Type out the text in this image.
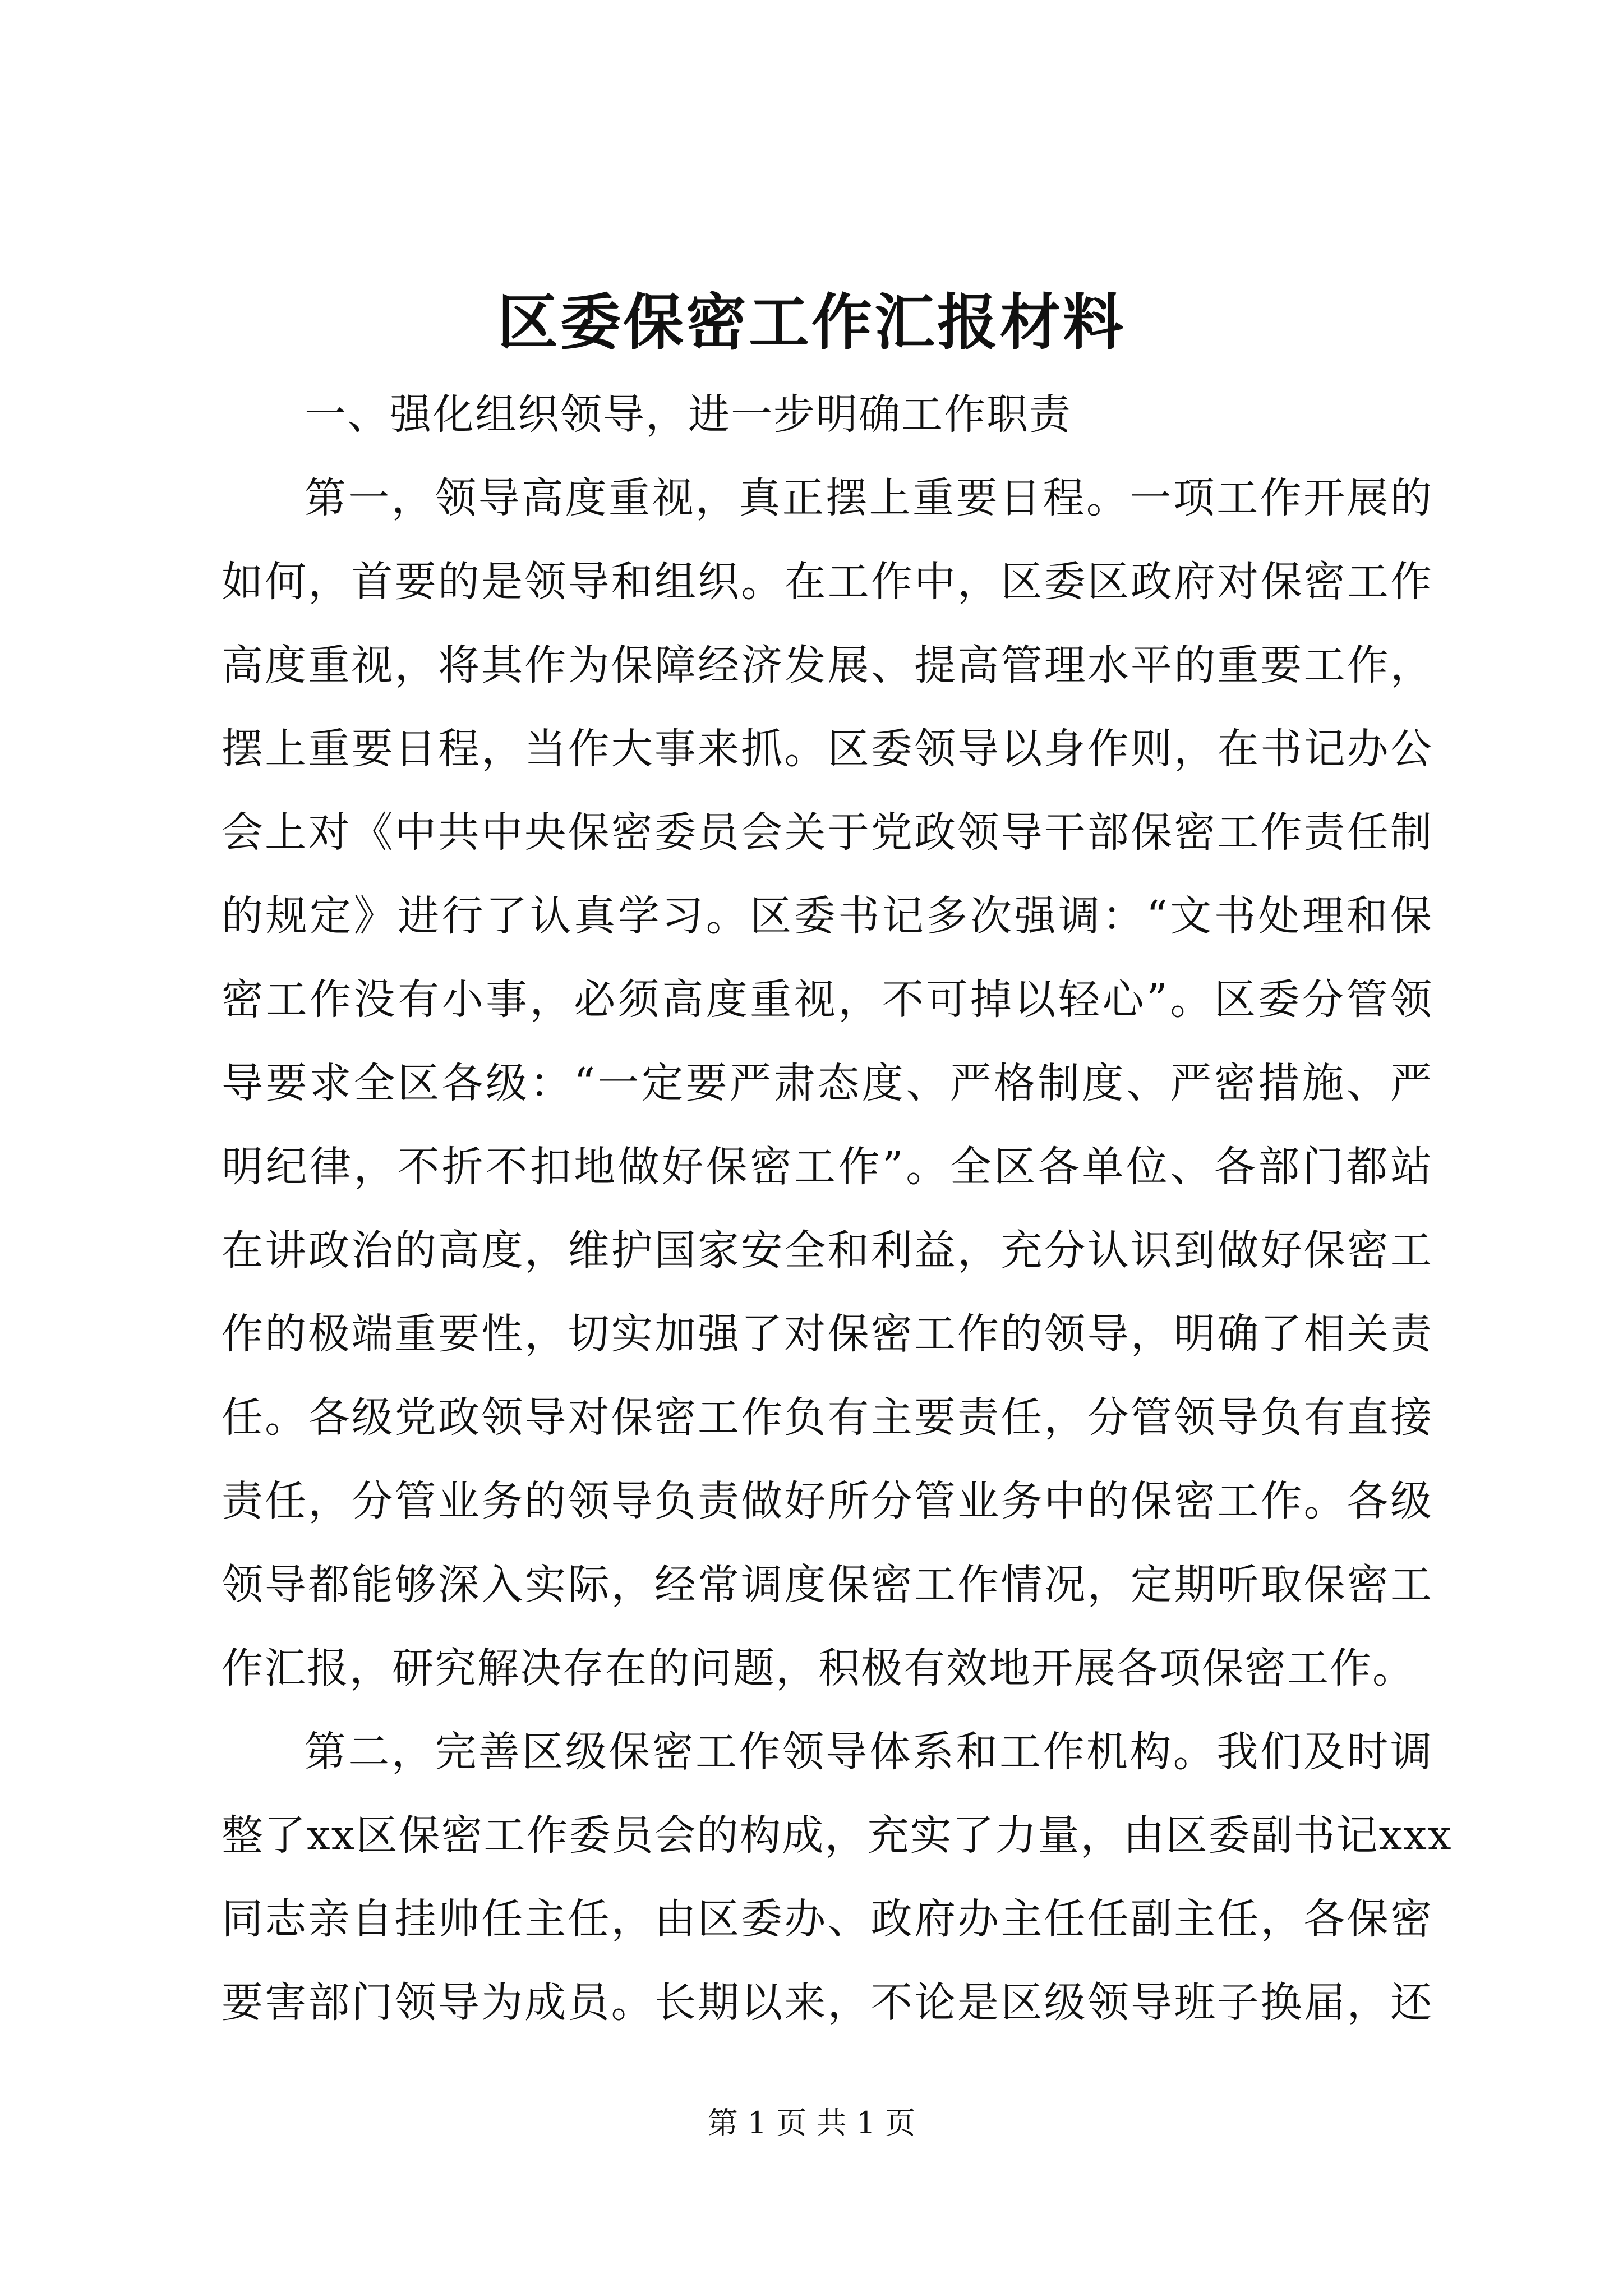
区委保密工作汇报材料
一、强化组织领导，进一步明确工作职责
第一，领导高度重视，真正摆上重要日程。一项工作开展的
如何，首要的是领导和组织。在工作中，区委区政府对保密工作
高度重视，将其作为保障经济发展、提高管理水平的重要工作，
摆上重要日程，当作大事来抓。区委领导以身作则，在书记办公
会上对《中共中央保密委员会关于党政领导干部保密工作责任制
的规定》进行了认真学习。区委书记多次强调：“文书处理和保
密工作没有小事，必须高度重视，不可掉以轻心”。区委分管领
导要求全区各级：“一定要严肃态度、严格制度、严密措施、严
明纪律，不折不扣地做好保密工作”。全区各单位、各部门都站
在讲政治的高度，维护国家安全和利益，充分认识到做好保密工
作的极端重要性，切实加强了对保密工作的领导，明确了相关责
任。各级党政领导对保密工作负有主要责任，分管领导负有直接
责任，分管业务的领导负责做好所分管业务中的保密工作。各级
领导都能够深入实际，经常调度保密工作情况，定期听取保密工
作汇报，研究解决存在的问题，积极有效地开展各项保密工作。
第二，完善区级保密工作领导体系和工作机构。我们及时调
整了xx区保密工作委员会的构成，充实了力量，由区委副书记xxx
同志亲自挂帅任主任，由区委办、政府办主任任副主任，各保密
要害部门领导为成员。长期以来，不论是区级领导班子换届，还
第 1 页 共 1 页
